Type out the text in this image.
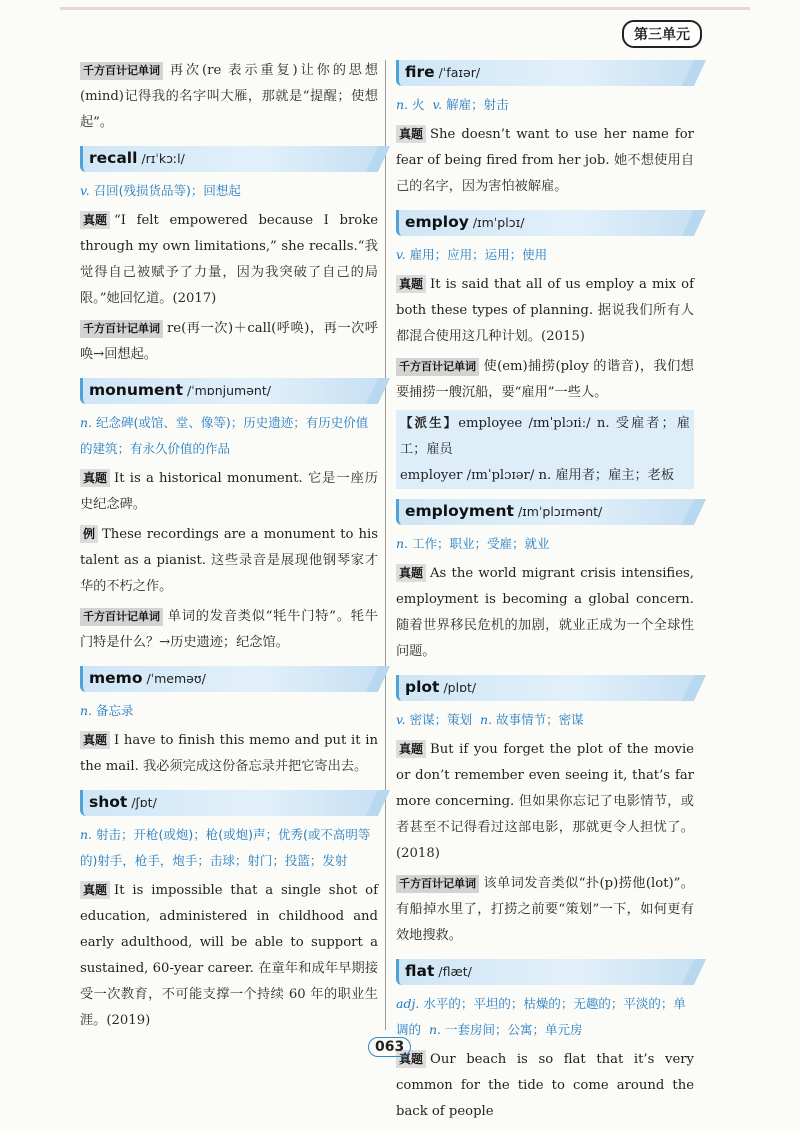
第三单元

千方百计记单词 再次(re 表示重复)让你的思想(mind)记得我的名字叫大雁，那就是“提醒；使想起”。

recall /rɪˈkɔːl/

v. 召回(残损货品等)；回想起

真题 “I felt empowered because I broke through my own limitations,” she recalls.“我觉得自己被赋予了力量，因为我突破了自己的局限。”她回忆道。(2017)

千方百计记单词 re(再一次)＋call(呼唤)，再一次呼唤→回想起。

monument /ˈmɒnjumənt/

n. 纪念碑(或馆、堂、像等)；历史遗迹；有历史价值的建筑；有永久价值的作品

真题 It is a historical monument. 它是一座历史纪念碑。

例 These recordings are a monument to his talent as a pianist. 这些录音是展现他钢琴家才华的不朽之作。

千方百计记单词 单词的发音类似“牦牛门特”。牦牛门特是什么？→历史遗迹；纪念馆。

memo /ˈmeməʊ/

n. 备忘录

真题 I have to finish this memo and put it in the mail. 我必须完成这份备忘录并把它寄出去。

shot /ʃɒt/

n. 射击；开枪(或炮)；枪(或炮)声；优秀(或不高明等的)射手，枪手，炮手；击球；射门；投篮；发射

真题 It is impossible that a single shot of education, administered in childhood and early adulthood, will be able to support a sustained, 60-year career. 在童年和成年早期接受一次教育，不可能支撑一个持续 60 年的职业生涯。(2019)

fire /ˈfaɪər/

n. 火 v. 解雇；射击

真题 She doesn’t want to use her name for fear of being fired from her job. 她不想使用自己的名字，因为害怕被解雇。

employ /ɪmˈplɔɪ/

v. 雇用；应用；运用；使用

真题 It is said that all of us employ a mix of both these types of planning. 据说我们所有人都混合使用这几种计划。(2015)

千方百计记单词 使(em)捕捞(ploy 的谐音)，我们想要捕捞一艘沉船，要“雇用”一些人。

【派生】employee /ɪmˈplɔɪiː/ n. 受雇者；雇工；雇员
employer /ɪmˈplɔɪər/ n. 雇用者；雇主；老板

employment /ɪmˈplɔɪmənt/

n. 工作；职业；受雇；就业

真题 As the world migrant crisis intensifies, employment is becoming a global concern. 随着世界移民危机的加剧，就业正成为一个全球性问题。

plot /plɒt/

v. 密谋；策划 n. 故事情节；密谋

真题 But if you forget the plot of the movie or don’t remember even seeing it, that’s far more concerning. 但如果你忘记了电影情节，或者甚至不记得看过这部电影，那就更令人担忧了。(2018)

千方百计记单词 该单词发音类似“扑(p)捞他(lot)”。有船掉水里了，打捞之前要“策划”一下，如何更有效地搜救。

flat /flæt/

adj. 水平的；平坦的；枯燥的；无趣的；平淡的；单调的 n. 一套房间；公寓；单元房

真题 Our beach is so flat that it’s very common for the tide to come around the back of people

063
